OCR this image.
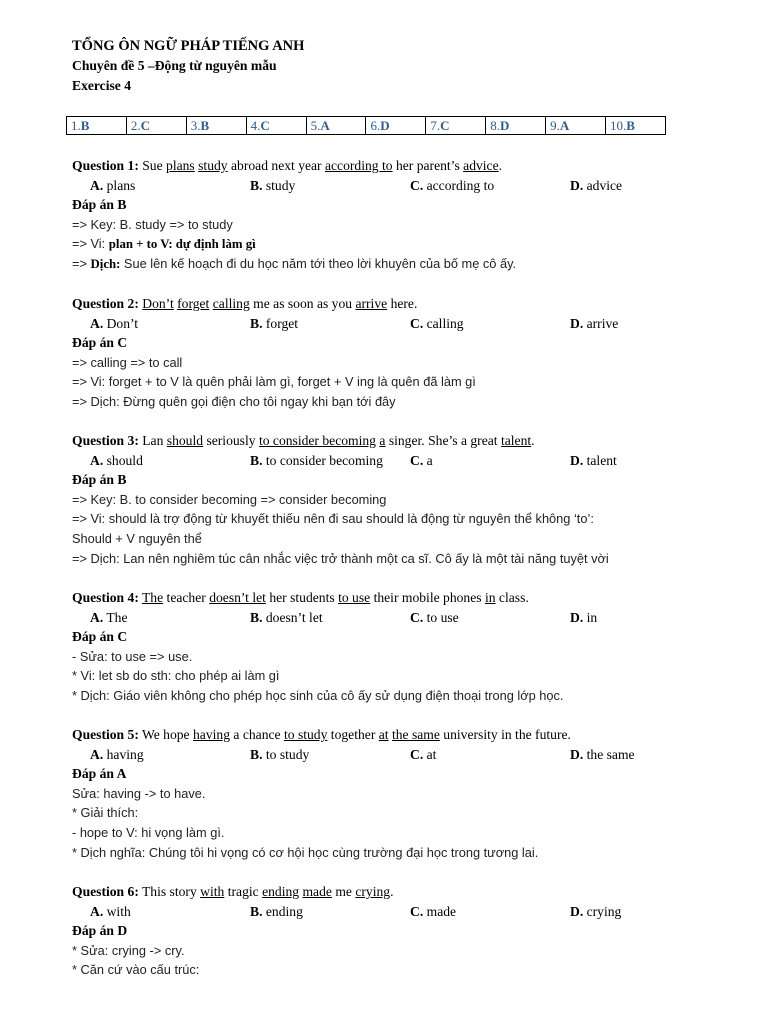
TỔNG ÔN NGỮ PHÁP TIẾNG ANH
Chuyên đề 5 –Động từ nguyên mẫu
Exercise 4
1.B	2.C	3.B	4.C	5.A	6.D	7.C	8.D	9.A	10.B
Question 1: Sue plans study abroad next year according to her parent’s advice.
A. plans	B. study	C. according to	D. advice
Đáp án B
=> Key: B. study => to study
=> Vi: plan + to V: dự định làm gì
=> Dịch: Sue lên kế hoạch đi du học năm tới theo lời khuyên của bố mẹ cô ấy.
Question 2: Don’t forget calling me as soon as you arrive here.
A. Don’t	B. forget	C. calling	D. arrive
Đáp án C
=> calling => to call
=> Vi: forget + to V là quên phải làm gì, forget + V ing là quên đã làm gì
=> Dịch: Đừng quên gọi điện cho tôi ngay khi bạn tới đây
Question 3: Lan should seriously to consider becoming a singer. She’s a great talent.
A. should	B. to consider becoming C. a	D. talent
Đáp án B
=> Key: B. to consider becoming => consider becoming
=> Vi: should là trợ động từ khuyết thiếu nên đi sau should là động từ nguyên thể không ‘to’:
Should + V nguyên thể
=> Dịch: Lan nên nghiêm túc cân nhắc việc trở thành một ca sĩ. Cô ấy là một tài năng tuyệt vời
Question 4: The teacher doesn’t let her students to use their mobile phones in class.
A. The	B. doesn’t let	C. to use	D. in
Đáp án C
- Sửa: to use => use.
* Vi: let sb do sth: cho phép ai làm gì
* Dịch: Giáo viên không cho phép học sinh của cô ấy sử dụng điện thoại trong lớp học.
Question 5: We hope having a chance to study together at the same university in the future.
A. having	B. to study	C. at	D. the same
Đáp án A
Sửa: having -> to have.
* Giải thích:
- hope to V: hi vọng làm gì.
* Dịch nghĩa: Chúng tôi hi vọng có cơ hội học cùng trường đại học trong tương lai.
Question 6: This story with tragic ending made me crying.
A. with	B. ending	C. made	D. crying
Đáp án D
* Sửa: crying -> cry.
* Căn cứ vào cấu trúc:
